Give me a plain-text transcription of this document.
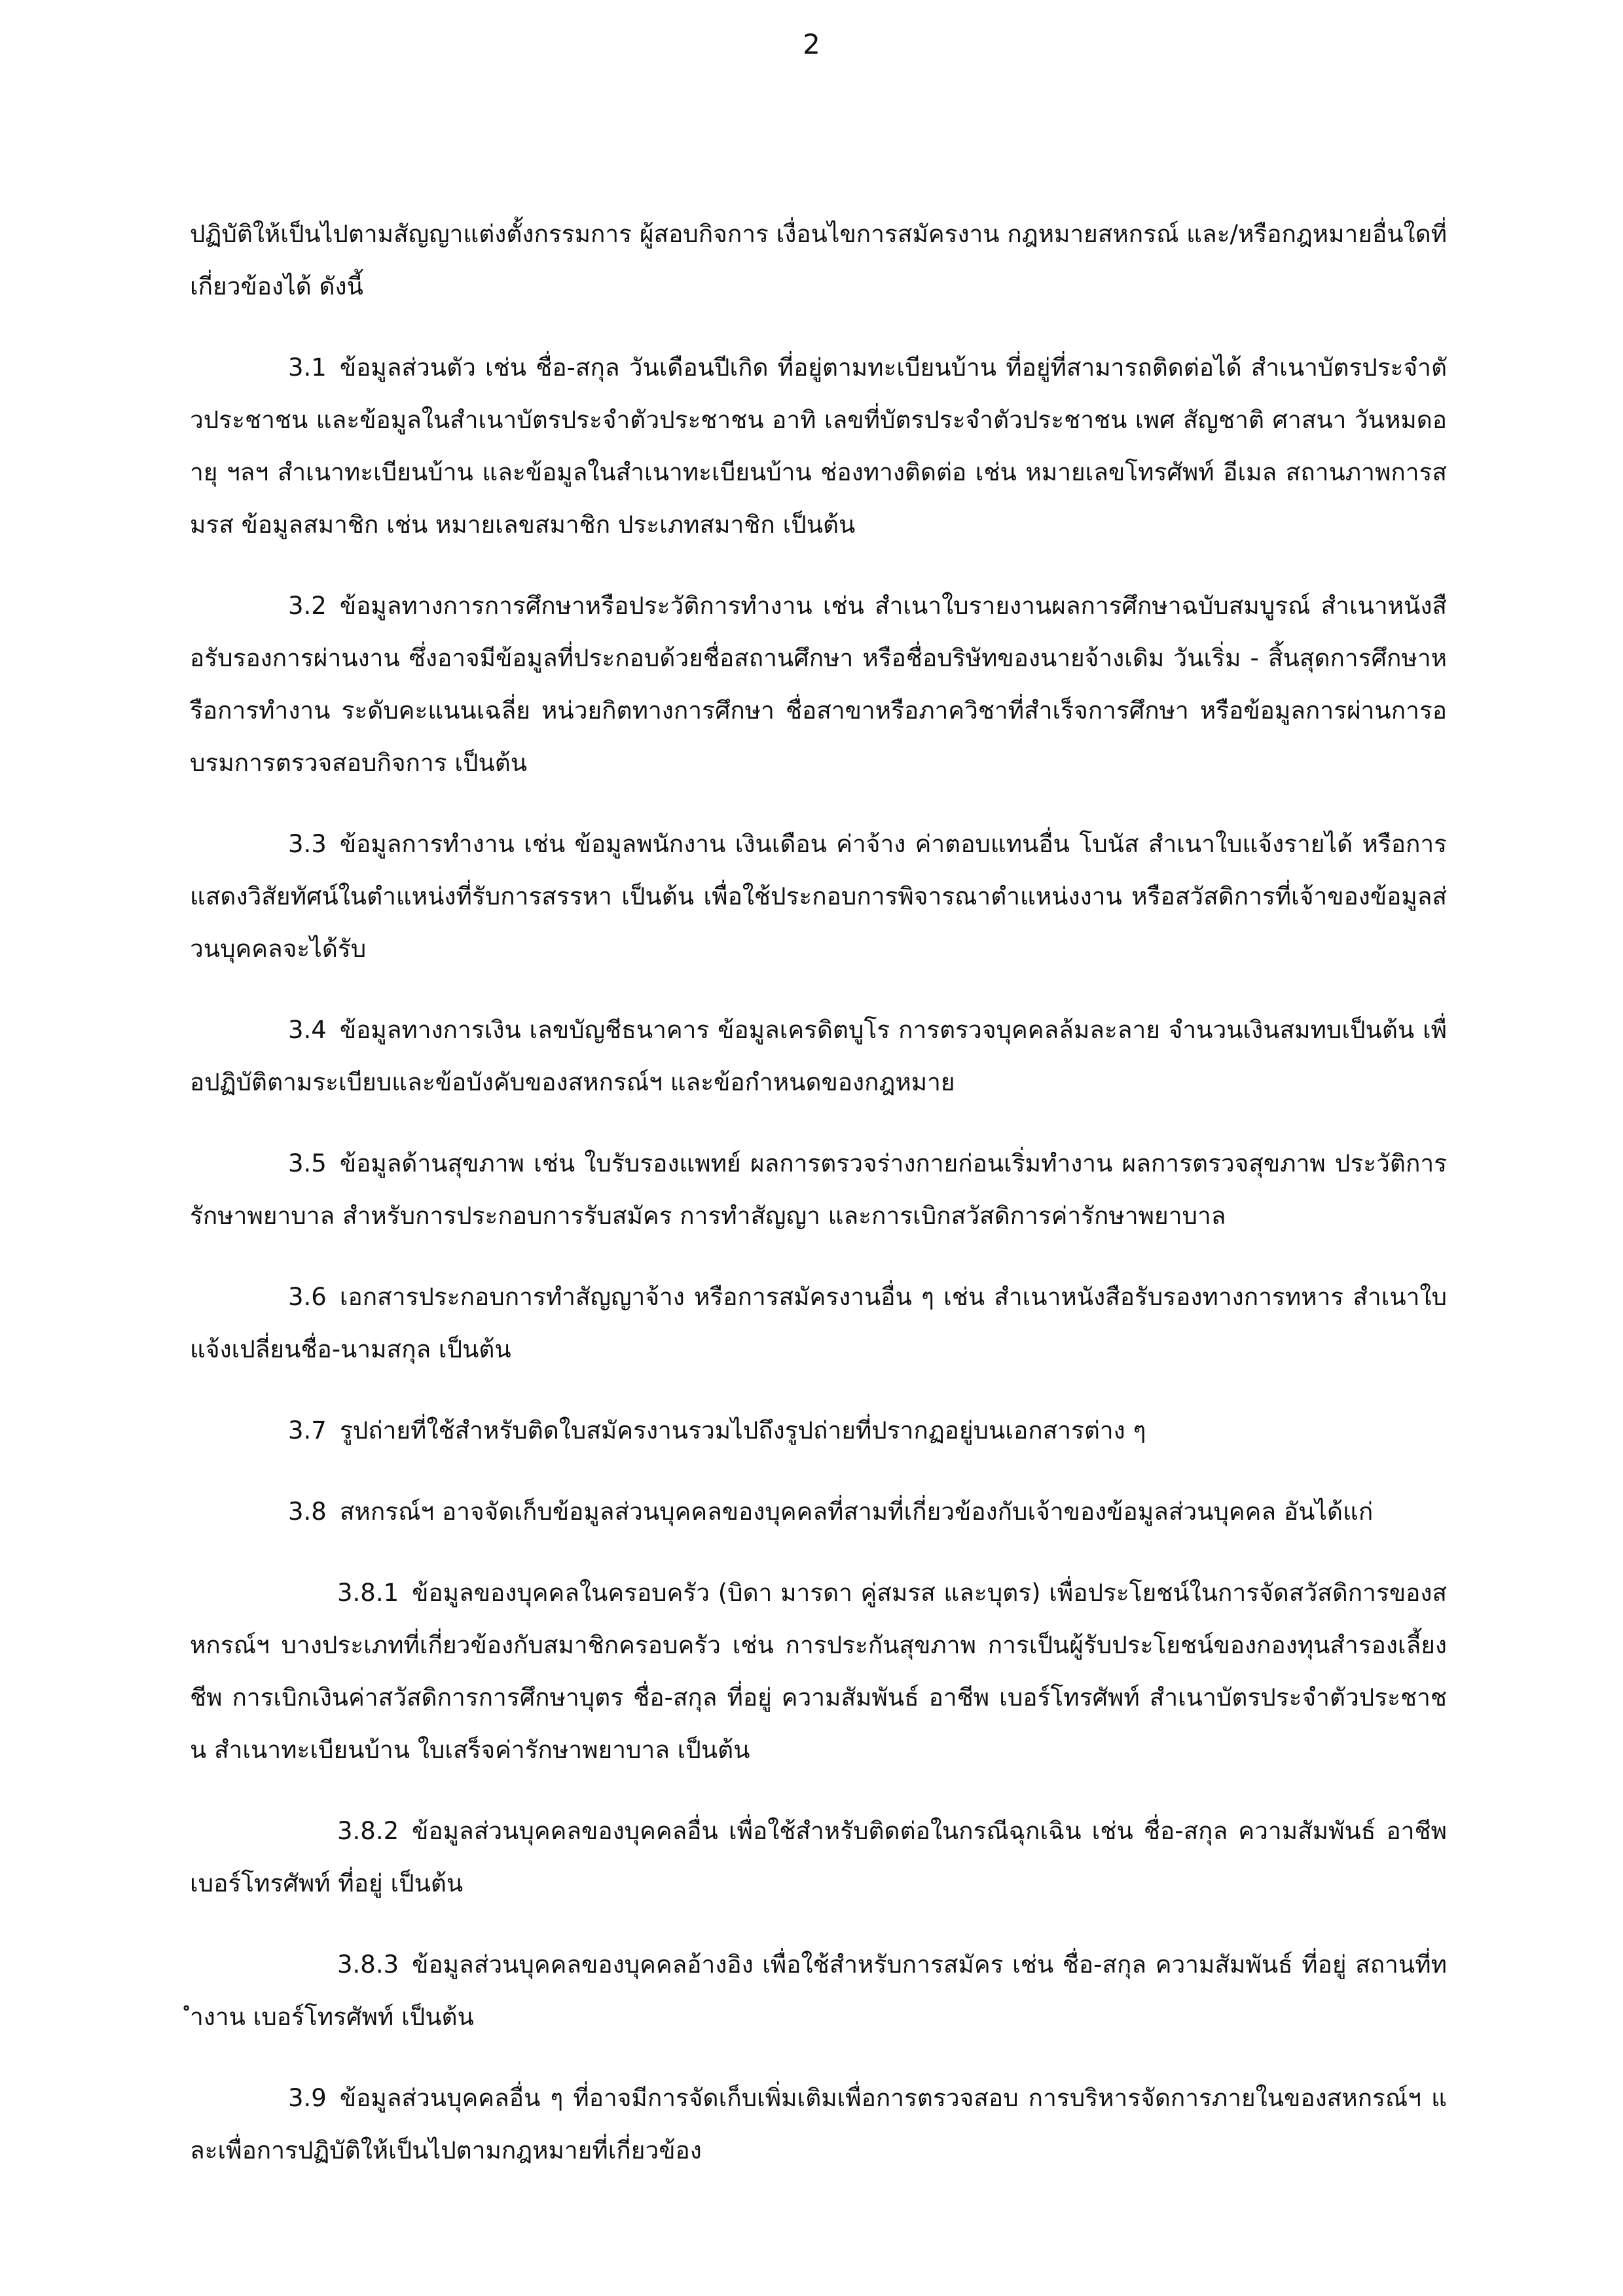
2

ปฏิบัติให้เป็นไปตามสัญญาแต่งตั้งกรรมการ ผู้สอบกิจการ เงื่อนไขการสมัครงาน กฎหมายสหกรณ์ และ/หรือกฎหมายอื่นใดที่เกี่ยวข้องได้ ดังนี้

3.1 ข้อมูลส่วนตัว เช่น ชื่อ-สกุล วันเดือนปีเกิด ที่อยู่ตามทะเบียนบ้าน ที่อยู่ที่สามารถติดต่อได้ สำเนาบัตรประจำตัวประชาชน และข้อมูลในสำเนาบัตรประจำตัวประชาชน อาทิ เลขที่บัตรประจำตัวประชาชน เพศ สัญชาติ ศาสนา วันหมดอายุ ฯลฯ สำเนาทะเบียนบ้าน และข้อมูลในสำเนาทะเบียนบ้าน ช่องทางติดต่อ เช่น หมายเลขโทรศัพท์ อีเมล สถานภาพการสมรส ข้อมูลสมาชิก เช่น หมายเลขสมาชิก ประเภทสมาชิก เป็นต้น

3.2 ข้อมูลทางการการศึกษาหรือประวัติการทำงาน เช่น สำเนาใบรายงานผลการศึกษาฉบับสมบูรณ์ สำเนาหนังสือรับรองการผ่านงาน ซึ่งอาจมีข้อมูลที่ประกอบด้วยชื่อสถานศึกษา หรือชื่อบริษัทของนายจ้างเดิม วันเริ่ม - สิ้นสุดการศึกษาหรือการทำงาน ระดับคะแนนเฉลี่ย หน่วยกิตทางการศึกษา ชื่อสาขาหรือภาควิชาที่สำเร็จการศึกษา หรือข้อมูลการผ่านการอบรมการตรวจสอบกิจการ เป็นต้น

3.3 ข้อมูลการทำงาน เช่น ข้อมูลพนักงาน เงินเดือน ค่าจ้าง ค่าตอบแทนอื่น โบนัส สำเนาใบแจ้งรายได้ หรือการแสดงวิสัยทัศน์ในตำแหน่งที่รับการสรรหา เป็นต้น เพื่อใช้ประกอบการพิจารณาตำแหน่งงาน หรือสวัสดิการที่เจ้าของข้อมูลส่วนบุคคลจะได้รับ

3.4 ข้อมูลทางการเงิน เลขบัญชีธนาคาร ข้อมูลเครดิตบูโร การตรวจบุคคลล้มละลาย จำนวนเงินสมทบเป็นต้น เพื่อปฏิบัติตามระเบียบและข้อบังคับของสหกรณ์ฯ และข้อกำหนดของกฎหมาย

3.5 ข้อมูลด้านสุขภาพ เช่น ใบรับรองแพทย์ ผลการตรวจร่างกายก่อนเริ่มทำงาน ผลการตรวจสุขภาพ ประวัติการรักษาพยาบาล สำหรับการประกอบการรับสมัคร การทำสัญญา และการเบิกสวัสดิการค่ารักษาพยาบาล

3.6 เอกสารประกอบการทำสัญญาจ้าง หรือการสมัครงานอื่น ๆ เช่น สำเนาหนังสือรับรองทางการทหาร สำเนาใบแจ้งเปลี่ยนชื่อ-นามสกุล เป็นต้น

3.7 รูปถ่ายที่ใช้สำหรับติดใบสมัครงานรวมไปถึงรูปถ่ายที่ปรากฏอยู่บนเอกสารต่าง ๆ

3.8 สหกรณ์ฯ อาจจัดเก็บข้อมูลส่วนบุคคลของบุคคลที่สามที่เกี่ยวข้องกับเจ้าของข้อมูลส่วนบุคคล อันได้แก่

3.8.1 ข้อมูลของบุคคลในครอบครัว (บิดา มารดา คู่สมรส และบุตร) เพื่อประโยชน์ในการจัดสวัสดิการของสหกรณ์ฯ บางประเภทที่เกี่ยวข้องกับสมาชิกครอบครัว เช่น การประกันสุขภาพ การเป็นผู้รับประโยชน์ของกองทุนสำรองเลี้ยงชีพ การเบิกเงินค่าสวัสดิการการศึกษาบุตร ชื่อ-สกุล ที่อยู่ ความสัมพันธ์ อาชีพ เบอร์โทรศัพท์ สำเนาบัตรประจำตัวประชาชน สำเนาทะเบียนบ้าน ใบเสร็จค่ารักษาพยาบาล เป็นต้น

3.8.2 ข้อมูลส่วนบุคคลของบุคคลอื่น เพื่อใช้สำหรับติดต่อในกรณีฉุกเฉิน เช่น ชื่อ-สกุล ความสัมพันธ์ อาชีพ เบอร์โทรศัพท์ ที่อยู่ เป็นต้น

3.8.3 ข้อมูลส่วนบุคคลของบุคคลอ้างอิง เพื่อใช้สำหรับการสมัคร เช่น ชื่อ-สกุล ความสัมพันธ์ ที่อยู่ สถานที่ทำงาน เบอร์โทรศัพท์ เป็นต้น

3.9 ข้อมูลส่วนบุคคลอื่น ๆ ที่อาจมีการจัดเก็บเพิ่มเติมเพื่อการตรวจสอบ การบริหารจัดการภายในของสหกรณ์ฯ และเพื่อการปฏิบัติให้เป็นไปตามกฎหมายที่เกี่ยวข้อง
